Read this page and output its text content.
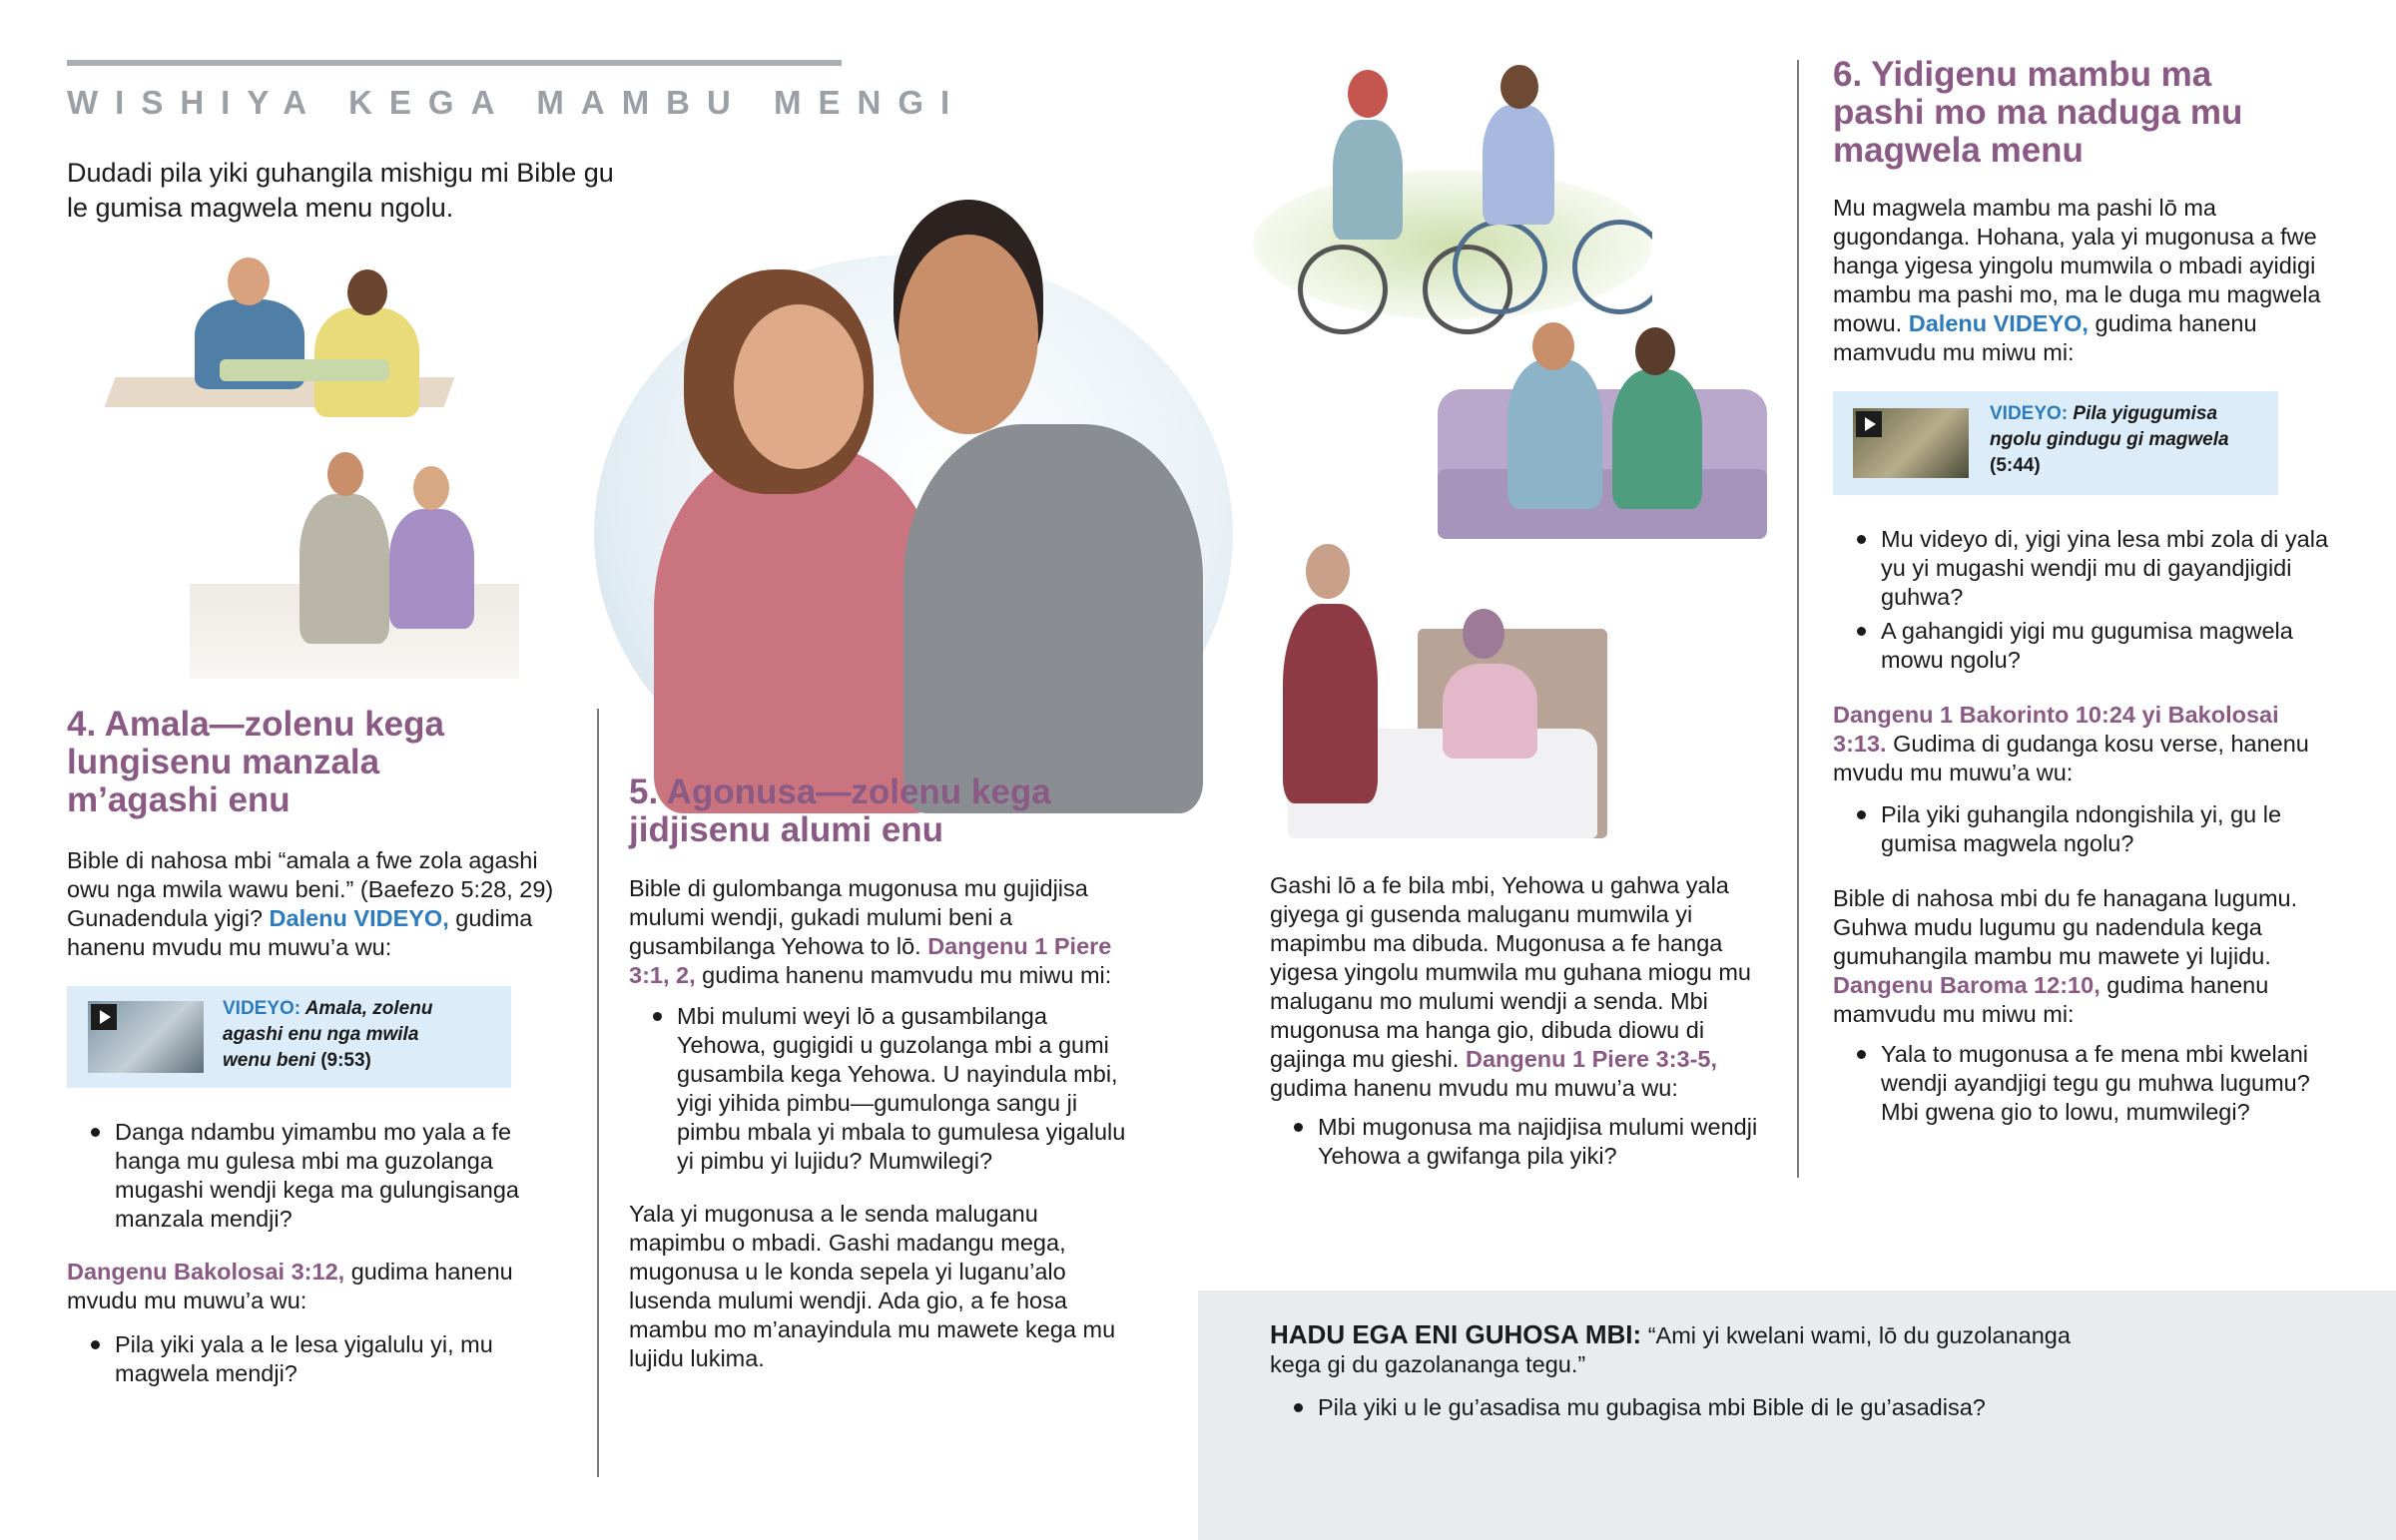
WISHIYA KEGA MAMBU MENGI
Dudadi pila yiki guhangila mishigu mi Bible gu le gumisa magwela menu ngolu.
4. Amala—zolenu kega lungisenu manzala m’agashi enu
Bible di nahosa mbi “amala a fwe zola agashi owu nga mwila wawu beni.” (Baefezo 5:28, 29) Gunadendula yigi? Dalenu VIDEYO, gudima hanenu mvudu mu muwu’a wu:
VIDEYO: Amala, zolenu agashi enu nga mwila wenu beni (9:53)
Danga ndambu yimambu mo yala a fe hanga mu gulesa mbi ma guzolanga mugashi wendji kega ma gulungisanga manzala mendji?
Dangenu Bakolosai 3:12, gudima hanenu mvudu mu muwu’a wu:
Pila yiki yala a le lesa yigalulu yi, mu magwela mendji?
5. Agonusa—zolenu kega jidjisenu alumi enu
Bible di gulombanga mugonusa mu gujidjisa mulumi wendji, gukadi mulumi beni a gusambilanga Yehowa to lō. Dangenu 1 Piere 3:1, 2, gudima hanenu mamvudu mu miwu mi:
Mbi mulumi weyi lō a gusambilanga Yehowa, gugigidi u guzolanga mbi a gumi gusambila kega Yehowa. U nayindula mbi, yigi yihida pimbu—gumulonga sangu ji pimbu mbala yi mbala to gumulesa yigalulu yi pimbu yi lujidu? Mumwilegi?
Yala yi mugonusa a le senda maluganu mapimbu o mbadi. Gashi madangu mega, mugonusa u le konda sepela yi luganu’alo lusenda mulumi wendji. Ada gio, a fe hosa mambu mo m’anayindula mu mawete kega mu lujidu lukima.
Gashi lō a fe bila mbi, Yehowa u gahwa yala giyega gi gusenda maluganu mumwila yi mapimbu ma dibuda. Mugonusa a fe hanga yigesa yingolu mumwila mu guhana miogu mu maluganu mo mulumi wendji a senda. Mbi mugonusa ma hanga gio, dibuda diowu di gajinga mu gieshi. Dangenu 1 Piere 3:3-5, gudima hanenu mvudu mu muwu’a wu:
Mbi mugonusa ma najidjisa mulumi wendji Yehowa a gwifanga pila yiki?
6. Yidigenu mambu ma pashi mo ma naduga mu magwela menu
Mu magwela mambu ma pashi lō ma gugondanga. Hohana, yala yi mugonusa a fwe hanga yigesa yingolu mumwila o mbadi ayidigi mambu ma pashi mo, ma le duga mu magwela mowu. Dalenu VIDEYO, gudima hanenu mamvudu mu miwu mi:
VIDEYO: Pila yigugumisa ngolu gindugu gi magwela (5:44)
Mu videyo di, yigi yina lesa mbi zola di yala yu yi mugashi wendji mu di gayandjigidi guhwa?
A gahangidi yigi mu gugumisa magwela mowu ngolu?
Dangenu 1 Bakorinto 10:24 yi Bakolosai 3:13. Gudima di gudanga kosu verse, hanenu mvudu mu muwu’a wu:
Pila yiki guhangila ndongishila yi, gu le gumisa magwela ngolu?
Bible di nahosa mbi du fe hanagana lugumu. Guhwa mudu lugumu gu nadendula kega gumuhangila mambu mu mawete yi lujidu. Dangenu Baroma 12:10, gudima hanenu mamvudu mu miwu mi:
Yala to mugonusa a fe mena mbi kwelani wendji ayandjigi tegu gu muhwa lugumu? Mbi gwena gio to lowu, mumwilegi?
HADU EGA ENI GUHOSA MBI: “Ami yi kwelani wami, lō du guzolananga kega gi du gazolananga tegu.”
Pila yiki u le gu’asadisa mu gubagisa mbi Bible di le gu’asadisa?
